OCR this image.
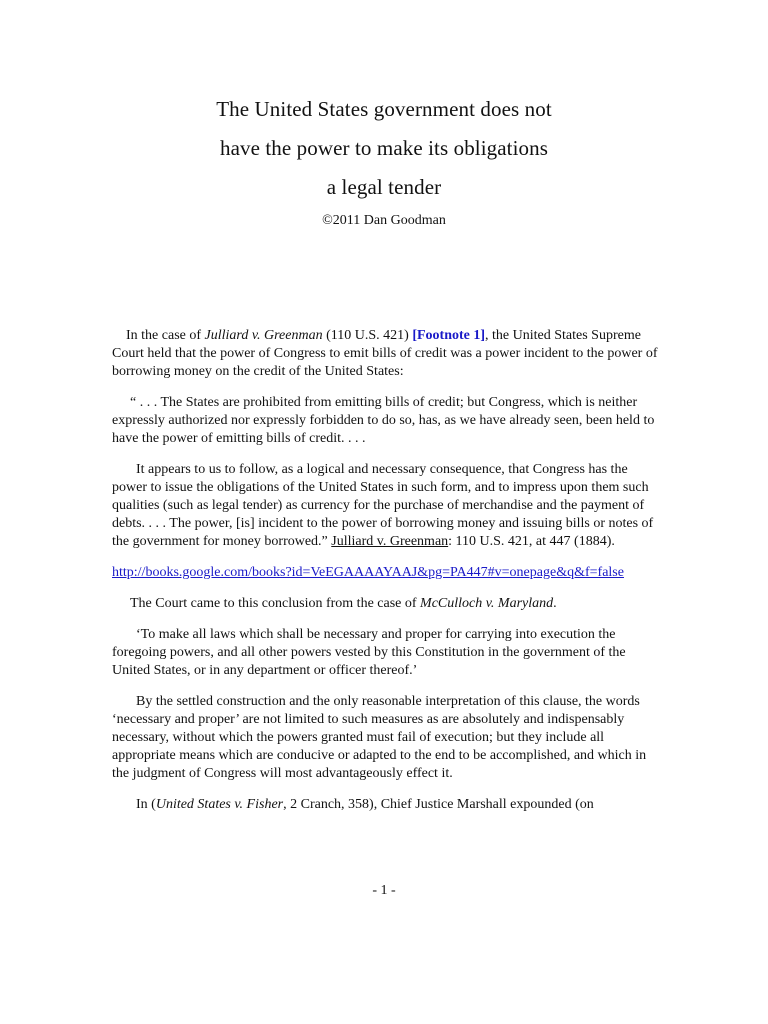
The United States government does not
have the power to make its obligations
a legal tender
©2011 Dan Goodman

In the case of Julliard v. Greenman (110 U.S. 421) [Footnote 1], the United States Supreme Court held that the power of Congress to emit bills of credit was a power incident to the power of borrowing money on the credit of the United States:

“ . . . The States are prohibited from emitting bills of credit; but Congress, which is neither expressly authorized nor expressly forbidden to do so, has, as we have already seen, been held to have the power of emitting bills of credit. . . .

It appears to us to follow, as a logical and necessary consequence, that Congress has the power to issue the obligations of the United States in such form, and to impress upon them such qualities (such as legal tender) as currency for the purchase of merchandise and the payment of debts. . . . The power, [is] incident to the power of borrowing money and issuing bills or notes of the government for money borrowed.” Julliard v. Greenman: 110 U.S. 421, at 447 (1884).

http://books.google.com/books?id=VeEGAAAAYAAJ&pg=PA447#v=onepage&q&f=false

The Court came to this conclusion from the case of McCulloch v. Maryland.

‘To make all laws which shall be necessary and proper for carrying into execution the foregoing powers, and all other powers vested by this Constitution in the government of the United States, or in any department or officer thereof.’

By the settled construction and the only reasonable interpretation of this clause, the words ‘necessary and proper’ are not limited to such measures as are absolutely and indispensably necessary, without which the powers granted must fail of execution; but they include all appropriate means which are conducive or adapted to the end to be accomplished, and which in the judgment of Congress will most advantageously effect it.

In (United States v. Fisher, 2 Cranch, 358), Chief Justice Marshall expounded (on

- 1 -
